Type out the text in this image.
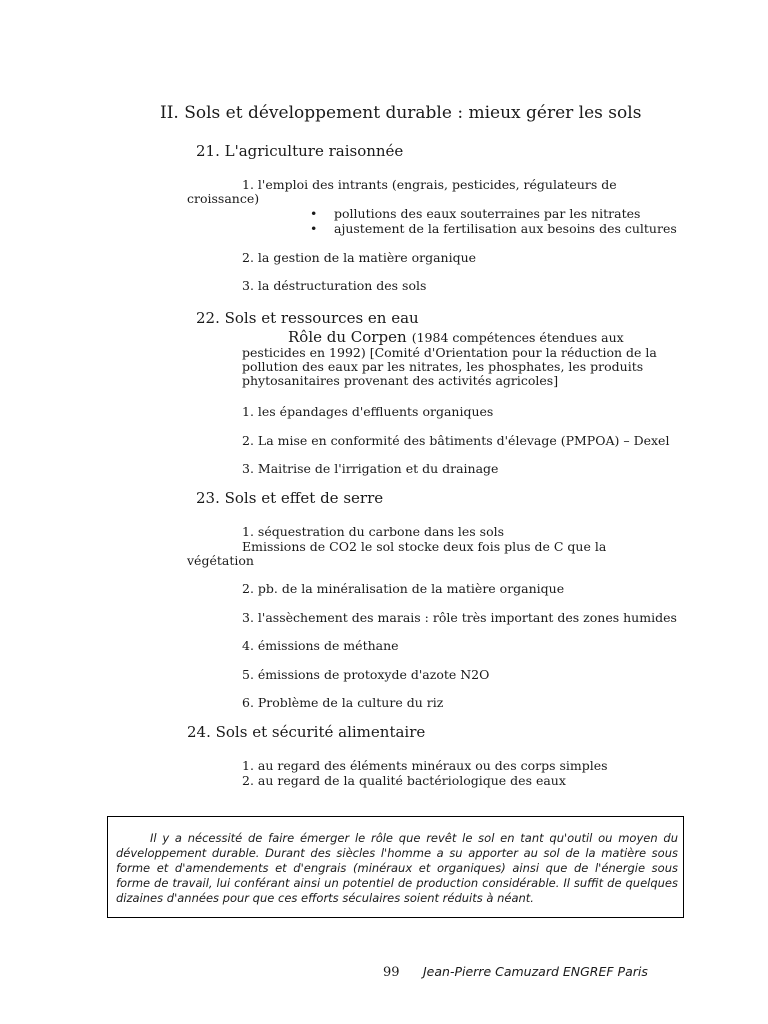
II. Sols et développement durable : mieux gérer les sols
21. L'agriculture raisonnée
1. l'emploi des intrants (engrais, pesticides, régulateurs de
croissance)
• pollutions des eaux souterraines par les nitrates
• ajustement de la fertilisation aux besoins des cultures
2. la gestion de la matière organique
3. la déstructuration des sols
22. Sols et ressources en eau
Rôle du Corpen (1984 compétences étendues aux
pesticides en 1992) [Comité d'Orientation pour la réduction de la
pollution des eaux par les nitrates, les phosphates, les produits
phytosanitaires provenant des activités agricoles]
1. les épandages d'effluents organiques
2. La mise en conformité des bâtiments d'élevage (PMPOA) – Dexel
3. Maitrise de l'irrigation et du drainage
23. Sols et effet de serre
1. séquestration du carbone dans les sols
Emissions de CO2 le sol stocke deux fois plus de C que la
végétation
2. pb. de la minéralisation de la matière organique
3. l'assèchement des marais : rôle très important des zones humides
4. émissions de méthane
5. émissions de protoxyde d'azote N2O
6. Problème de la culture du riz
24. Sols et sécurité alimentaire
1. au regard des éléments minéraux ou des corps simples
2. au regard de la qualité bactériologique des eaux

Il y a nécessité de faire émerger le rôle que revêt le sol en tant qu'outil ou moyen du développement durable. Durant des siècles l'homme a su apporter au sol de la matière sous forme et d'amendements et d'engrais (minéraux et organiques) ainsi que de l'énergie sous forme de travail, lui conférant ainsi un potentiel de production considérable. Il suffit de quelques dizaines d'années pour que ces efforts séculaires soient réduits à néant.

99 Jean-Pierre Camuzard ENGREF Paris
